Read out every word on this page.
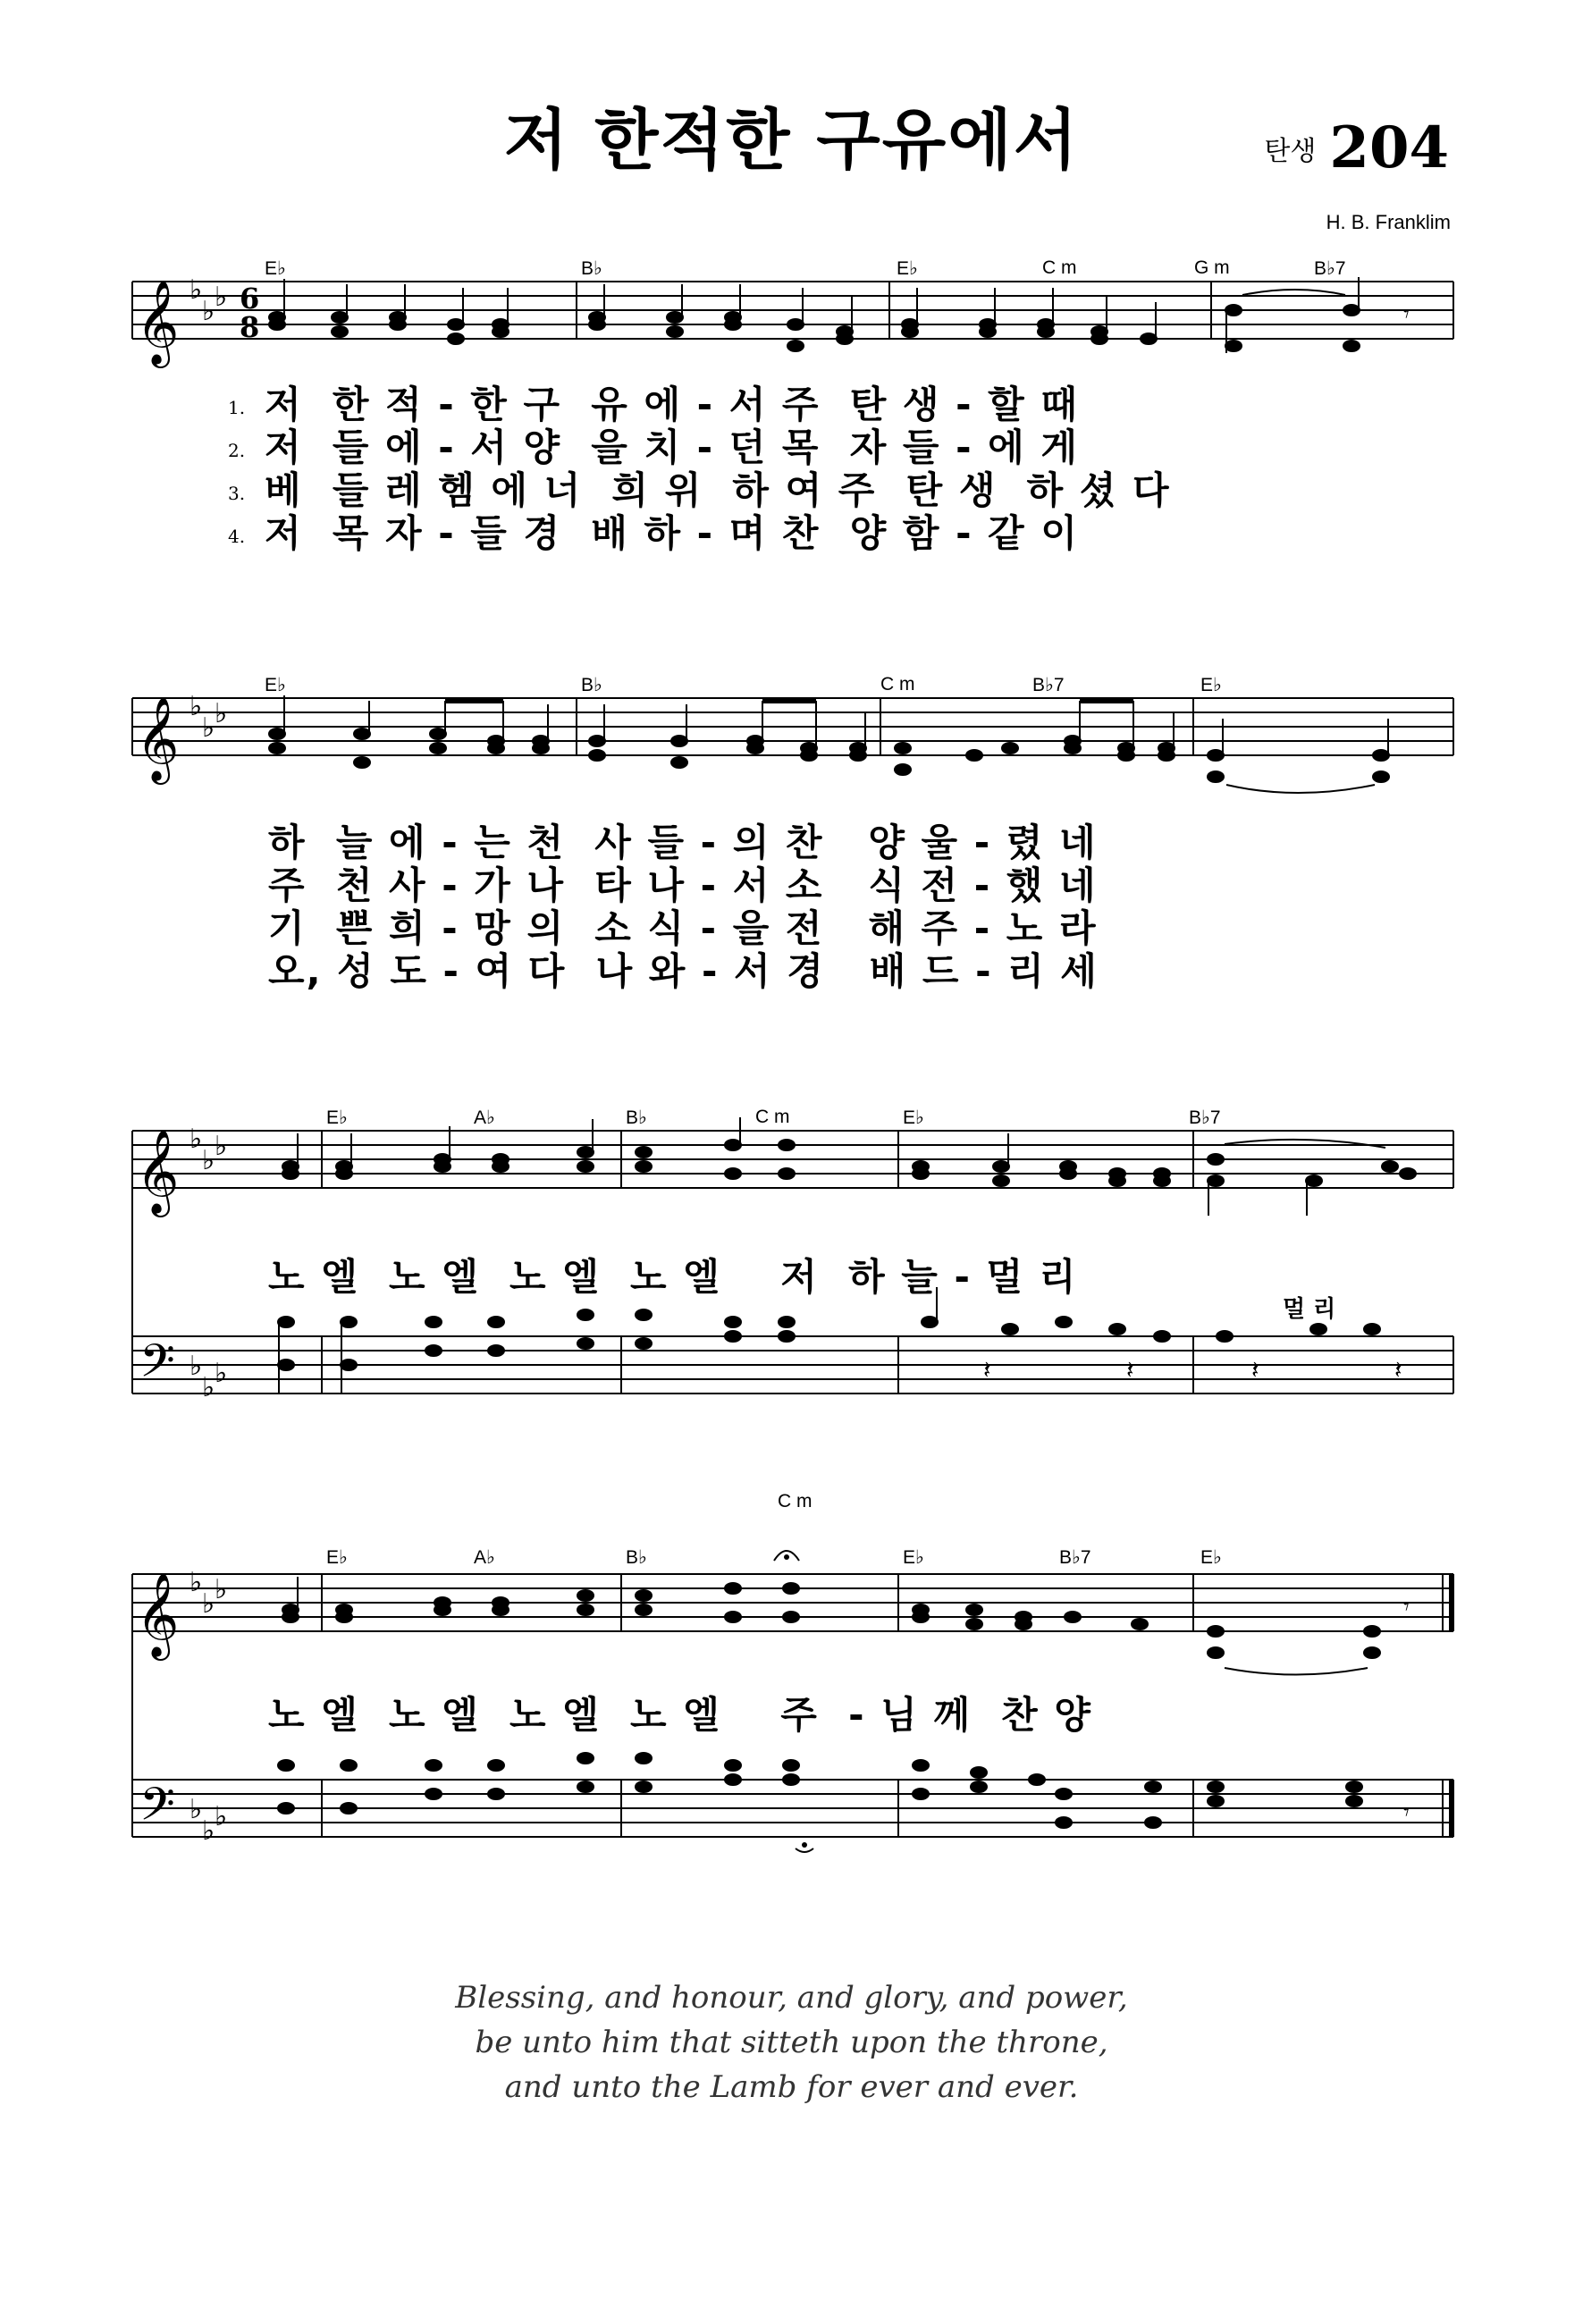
저 한적한 구유에서	탄생 204
H. B. Franklim
E♭	B♭	E♭	C m	G m	B♭7
𝄞 ♭
♭ ♭ 6
8	𝄾
1. 저  한 적 - 한 구  유 에 - 서 주  탄 생 - 할 때
2. 저  들 에 - 서 양  을 치 - 던 목  자 들 - 에 게
3. 베  들 레 헴 에 너  희 위  하 여 주  탄 생  하 셨 다
4. 저  목 자 - 들 경  배 하 - 며 찬  양 함 - 같 이
E♭	B♭	C m	B♭7	E♭
𝄞 ♭
♭ ♭
하  늘 에 - 는 천  사 들 - 의 찬   양 울 - 렸 네
주  천 사 - 가 나  타 나 - 서 소   식 전 - 했 네
기  쁜 희 - 망 의  소 식 - 을 전   해 주 - 노 라
오, 성 도 - 여 다  나 와 - 서 경   배 드 - 리 세
E♭	A♭	B♭	C m	E♭	B♭7
𝄞 ♭
♭ ♭
𝄢 ♭
♭ ♭	𝄽	𝄽	𝄽	𝄽
노 엘  노 엘  노 엘  노 엘    저  하 늘 - 멀 리
멀 리
C m
E♭	A♭	B♭	E♭	B♭7	E♭
𝄞 ♭
♭ ♭
𝄢 ♭
♭ ♭
𝄾
𝄾
노 엘  노 엘  노 엘  노 엘    주  - 님 께  찬 양
Blessing, and honour, and glory, and power,
be unto him that sitteth upon the throne,
and unto the Lamb for ever and ever.
